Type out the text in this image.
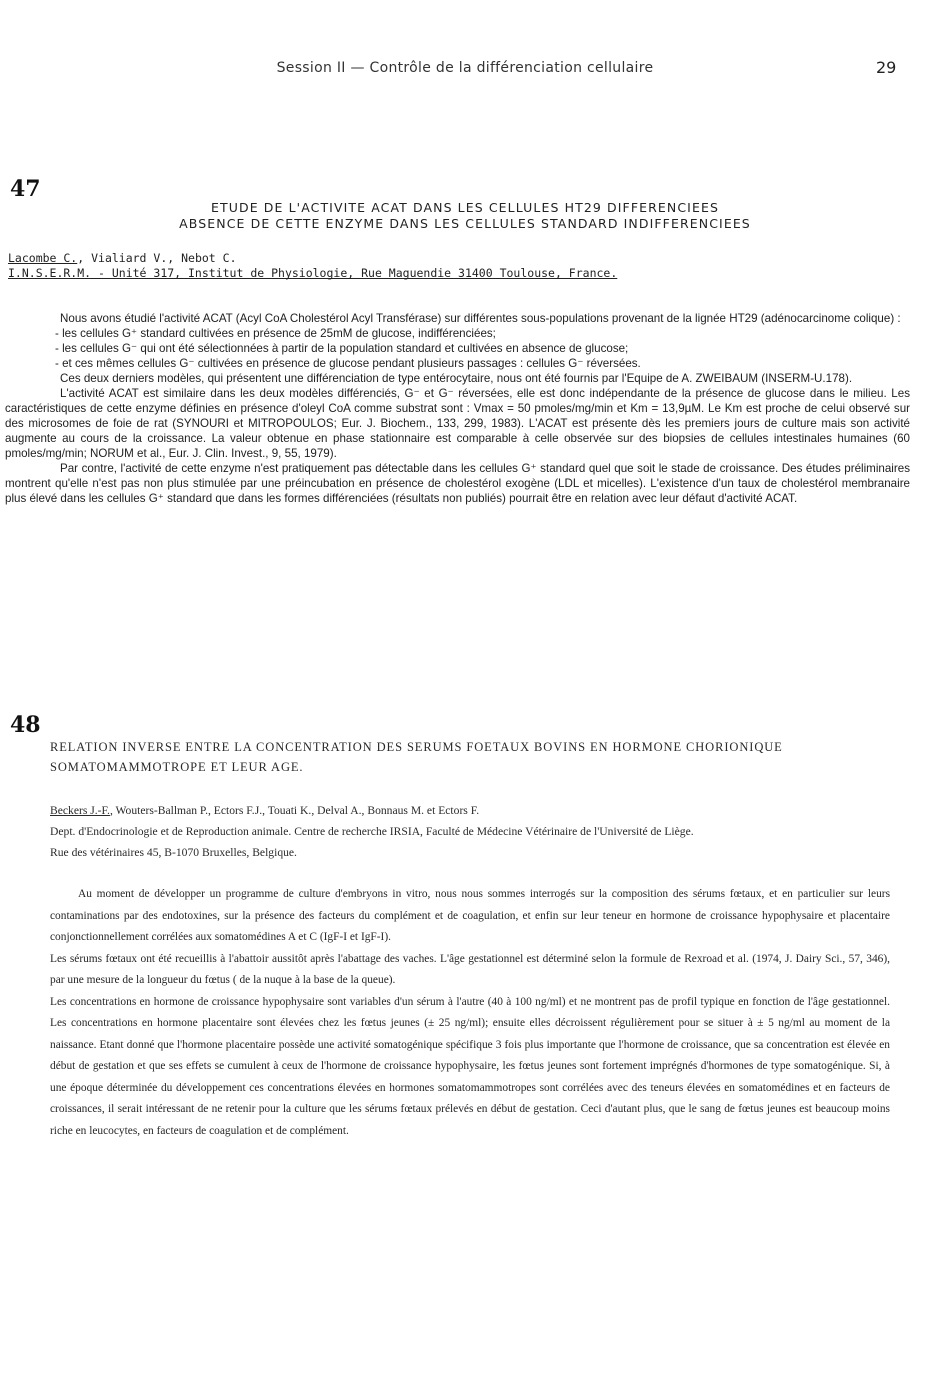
Session II — Contrôle de la différenciation cellulaire	29
47
ETUDE DE L'ACTIVITE ACAT DANS LES CELLULES HT29 DIFFERENCIEES
ABSENCE DE CETTE ENZYME DANS LES CELLULES STANDARD INDIFFERENCIEES
Lacombe C., Vialiard V., Nebot C.
I.N.S.E.R.M. - Unité 317, Institut de Physiologie, Rue Maguendie 31400 Toulouse, France.

Nous avons étudié l'activité ACAT (Acyl CoA Cholestérol Acyl Transférase) sur différentes sous-populations provenant de la lignée HT29 (adénocarcinome colique) :

- les cellules G⁺ standard cultivées en présence de 25mM de glucose, indifférenciées;

- les cellules G⁻ qui ont été sélectionnées à partir de la population standard et cultivées en absence de glucose;

- et ces mêmes cellules G⁻ cultivées en présence de glucose pendant plusieurs passages : cellules G⁻ réversées.

Ces deux derniers modèles, qui présentent une différenciation de type entérocytaire, nous ont été fournis par l'Equipe de A. ZWEIBAUM (INSERM-U.178).

L'activité ACAT est similaire dans les deux modèles différenciés, G⁻ et G⁻ réversées, elle est donc indépendante de la présence de glucose dans le milieu. Les caractéristiques de cette enzyme définies en présence d'oleyl CoA comme substrat sont : Vmax = 50 pmoles/mg/min et Km = 13,9µM. Le Km est proche de celui observé sur des microsomes de foie de rat (SYNOURI et MITROPOULOS; Eur. J. Biochem., 133, 299, 1983). L'ACAT est présente dès les premiers jours de culture mais son activité augmente au cours de la croissance. La valeur obtenue en phase stationnaire est comparable à celle observée sur des biopsies de cellules intestinales humaines (60 pmoles/mg/min; NORUM et al., Eur. J. Clin. Invest., 9, 55, 1979).

Par contre, l'activité de cette enzyme n'est pratiquement pas détectable dans les cellules G⁺ standard quel que soit le stade de croissance. Des études préliminaires montrent qu'elle n'est pas non plus stimulée par une préincubation en présence de cholestérol exogène (LDL et micelles). L'existence d'un taux de cholestérol membranaire plus élevé dans les cellules G⁺ standard que dans les formes différenciées (résultats non publiés) pourrait être en relation avec leur défaut d'activité ACAT.

48
RELATION INVERSE ENTRE LA CONCENTRATION DES SERUMS FOETAUX BOVINS EN HORMONE CHORIONIQUE SOMATOMAMMOTROPE ET LEUR AGE.
Beckers J.-F., Wouters-Ballman P., Ectors F.J., Touati K., Delval A., Bonnaus M. et Ectors F.
Dept. d'Endocrinologie et de Reproduction animale. Centre de recherche IRSIA, Faculté de Médecine Vétérinaire de l'Université de Liège.
Rue des vétérinaires 45, B-1070 Bruxelles, Belgique.

Au moment de développer un programme de culture d'embryons in vitro, nous nous sommes interrogés sur la composition des sérums fœtaux, et en particulier sur leurs contaminations par des endotoxines, sur la présence des facteurs du complément et de coagulation, et enfin sur leur teneur en hormone de croissance hypophysaire et placentaire conjonctionnellement corrélées aux somatomédines A et C (IgF-I et IgF-I).

Les sérums fœtaux ont été recueillis à l'abattoir aussitôt après l'abattage des vaches. L'âge gestationnel est déterminé selon la formule de Rexroad et al. (1974, J. Dairy Sci., 57, 346), par une mesure de la longueur du fœtus ( de la nuque à la base de la queue).

Les concentrations en hormone de croissance hypophysaire sont variables d'un sérum à l'autre (40 à 100 ng/ml) et ne montrent pas de profil typique en fonction de l'âge gestationnel. Les concentrations en hormone placentaire sont élevées chez les fœtus jeunes (± 25 ng/ml); ensuite elles décroissent régulièrement pour se situer à ± 5 ng/ml au moment de la naissance. Etant donné que l'hormone placentaire possède une activité somatogénique spécifique 3 fois plus importante que l'hormone de croissance, que sa concentration est élevée en début de gestation et que ses effets se cumulent à ceux de l'hormone de croissance hypophysaire, les fœtus jeunes sont fortement imprégnés d'hormones de type somatogénique. Si, à une époque déterminée du développement ces concentrations élevées en hormones somatomammotropes sont corrélées avec des teneurs élevées en somatomédines et en facteurs de croissances, il serait intéressant de ne retenir pour la culture que les sérums fœtaux prélevés en début de gestation. Ceci d'autant plus, que le sang de fœtus jeunes est beaucoup moins riche en leucocytes, en facteurs de coagulation et de complément.
